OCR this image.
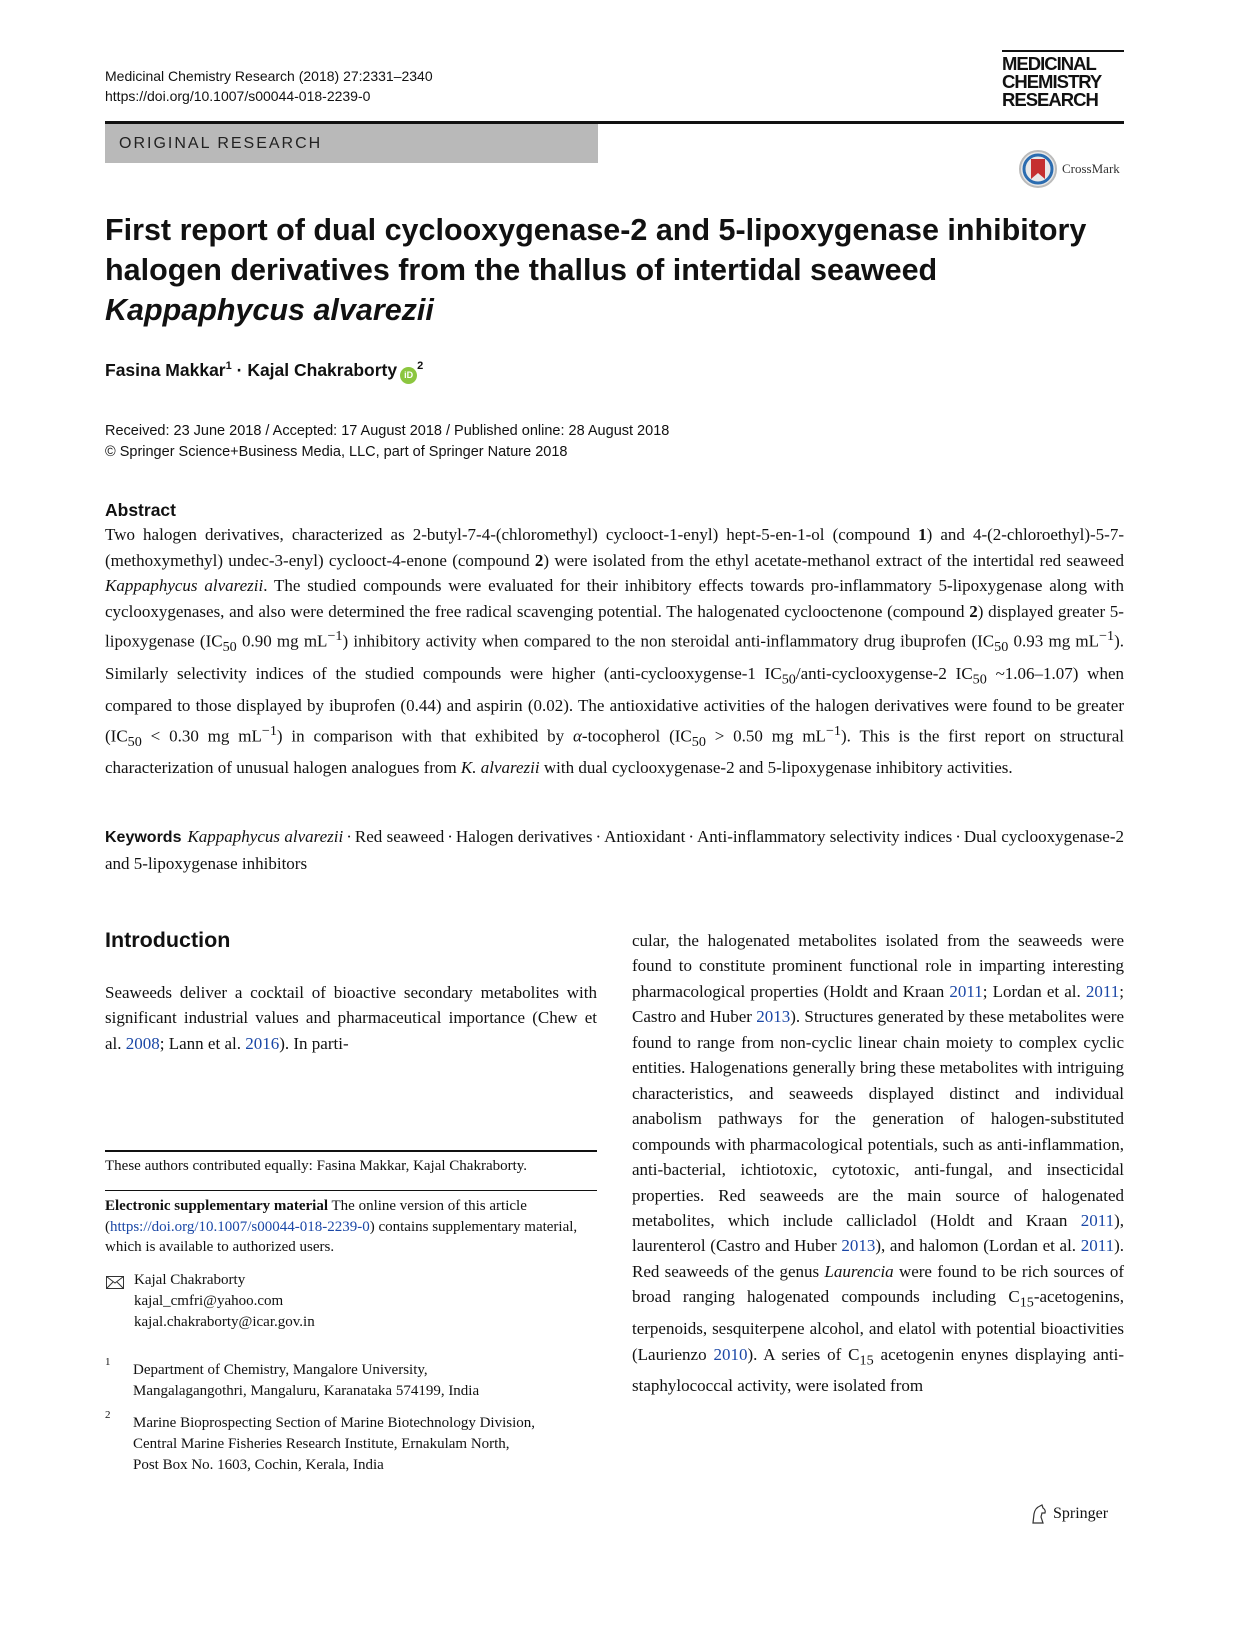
Medicinal Chemistry Research (2018) 27:2331–2340
https://doi.org/10.1007/s00044-018-2239-0
MEDICINAL
CHEMISTRY
RESEARCH
ORIGINAL RESEARCH
CrossMark
First report of dual cyclooxygenase-2 and 5-lipoxygenase inhibitory
halogen derivatives from the thallus of intertidal seaweed
Kappaphycus alvarezii
Fasina Makkar$^1$ · Kajal Chakraborty $iD^2$
Received: 23 June 2018 / Accepted: 17 August 2018 / Published online: 28 August 2018
© Springer Science+Business Media, LLC, part of Springer Nature 2018
Abstract
Two halogen derivatives, characterized as 2-butyl-7-4-(chloromethyl) cyclooct-1-enyl) hept-5-en-1-ol (compound 1) and 4-(2-chloroethyl)-5-7-(methoxymethyl) undec-3-enyl) cyclooct-4-enone (compound 2) were isolated from the ethyl acetate-methanol extract of the intertidal red seaweed Kappaphycus alvarezii. The studied compounds were evaluated for their inhibitory effects towards pro-inflammatory 5-lipoxygenase along with cyclooxygenases, and also were determined the free radical scavenging potential. The halogenated cyclooctenone (compound 2) displayed greater 5-lipoxygenase ($IC_{50}$ 0.90 mg $mL^{-1}$) inhibitory activity when compared to the non steroidal anti-inflammatory drug ibuprofen ($IC_{50}$ 0.93 mg $mL^{-1}$). Similarly selectivity indices of the studied compounds were higher (anti-cyclooxygense-1 $IC_{50}/anti-cyclooxygense-2$ $IC_{50}$ ~1.06–1.07) when compared to those displayed by ibuprofen (0.44) and aspirin (0.02). The antioxidative activities of the halogen derivatives were found to be greater ($IC_{50} < 0.30$ mg $mL^{-1}$) in comparison with that exhibited by α-tocopherol ($IC_{50} > 0.50$ mg $mL^{-1}$). This is the first report on structural characterization of unusual halogen analogues from K. alvarezii with dual cyclooxygenase-2 and 5-lipoxygenase inhibitory activities.
Keywords Kappaphycus alvarezii · Red seaweed · Halogen derivatives · Antioxidant · Anti-inflammatory selectivity indices · Dual cyclooxygenase-2 and 5-lipoxygenase inhibitors
Introduction
Seaweeds deliver a cocktail of bioactive secondary metabolites with significant industrial values and pharmaceutical importance (Chew et al. 2008; Lann et al. 2016). In parti-
cular, the halogenated metabolites isolated from the seaweeds were found to constitute prominent functional role in imparting interesting pharmacological properties (Holdt and Kraan 2011; Lordan et al. 2011; Castro and Huber 2013). Structures generated by these metabolites were found to range from non-cyclic linear chain moiety to complex cyclic entities. Halogenations generally bring these metabolites with intriguing characteristics, and seaweeds displayed distinct and individual anabolism pathways for the generation of halogen-substituted compounds with pharmacological potentials, such as anti-inflammation, anti-bacterial, ichtiotoxic, cytotoxic, anti-fungal, and insecticidal properties. Red seaweeds are the main source of halogenated metabolites, which include callicladol (Holdt and Kraan 2011), laurenterol (Castro and Huber 2013), and halomon (Lordan et al. 2011). Red seaweeds of the genus Laurencia were found to be rich sources of broad ranging halogenated compounds including $C_{15}$-acetogenins, terpenoids, sesquiterpene alcohol, and elatol with potential bioactivities (Laurienzo 2010). A series of $C_{15}$ acetogenin enynes displaying anti-staphylococcal activity, were isolated from
These authors contributed equally: Fasina Makkar, Kajal Chakraborty.
Electronic supplementary material The online version of this article (https://doi.org/10.1007/s00044-018-2239-0) contains supplementary material, which is available to authorized users.
Kajal Chakraborty
kajal_cmfri@yahoo.com
kajal.chakraborty@icar.gov.in
1 Department of Chemistry, Mangalore University,
Mangalagangothri, Mangaluru, Karanataka 574199, India
2 Marine Bioprospecting Section of Marine Biotechnology Division,
Central Marine Fisheries Research Institute, Ernakulam North,
Post Box No. 1603, Cochin, Kerala, India
Springer
